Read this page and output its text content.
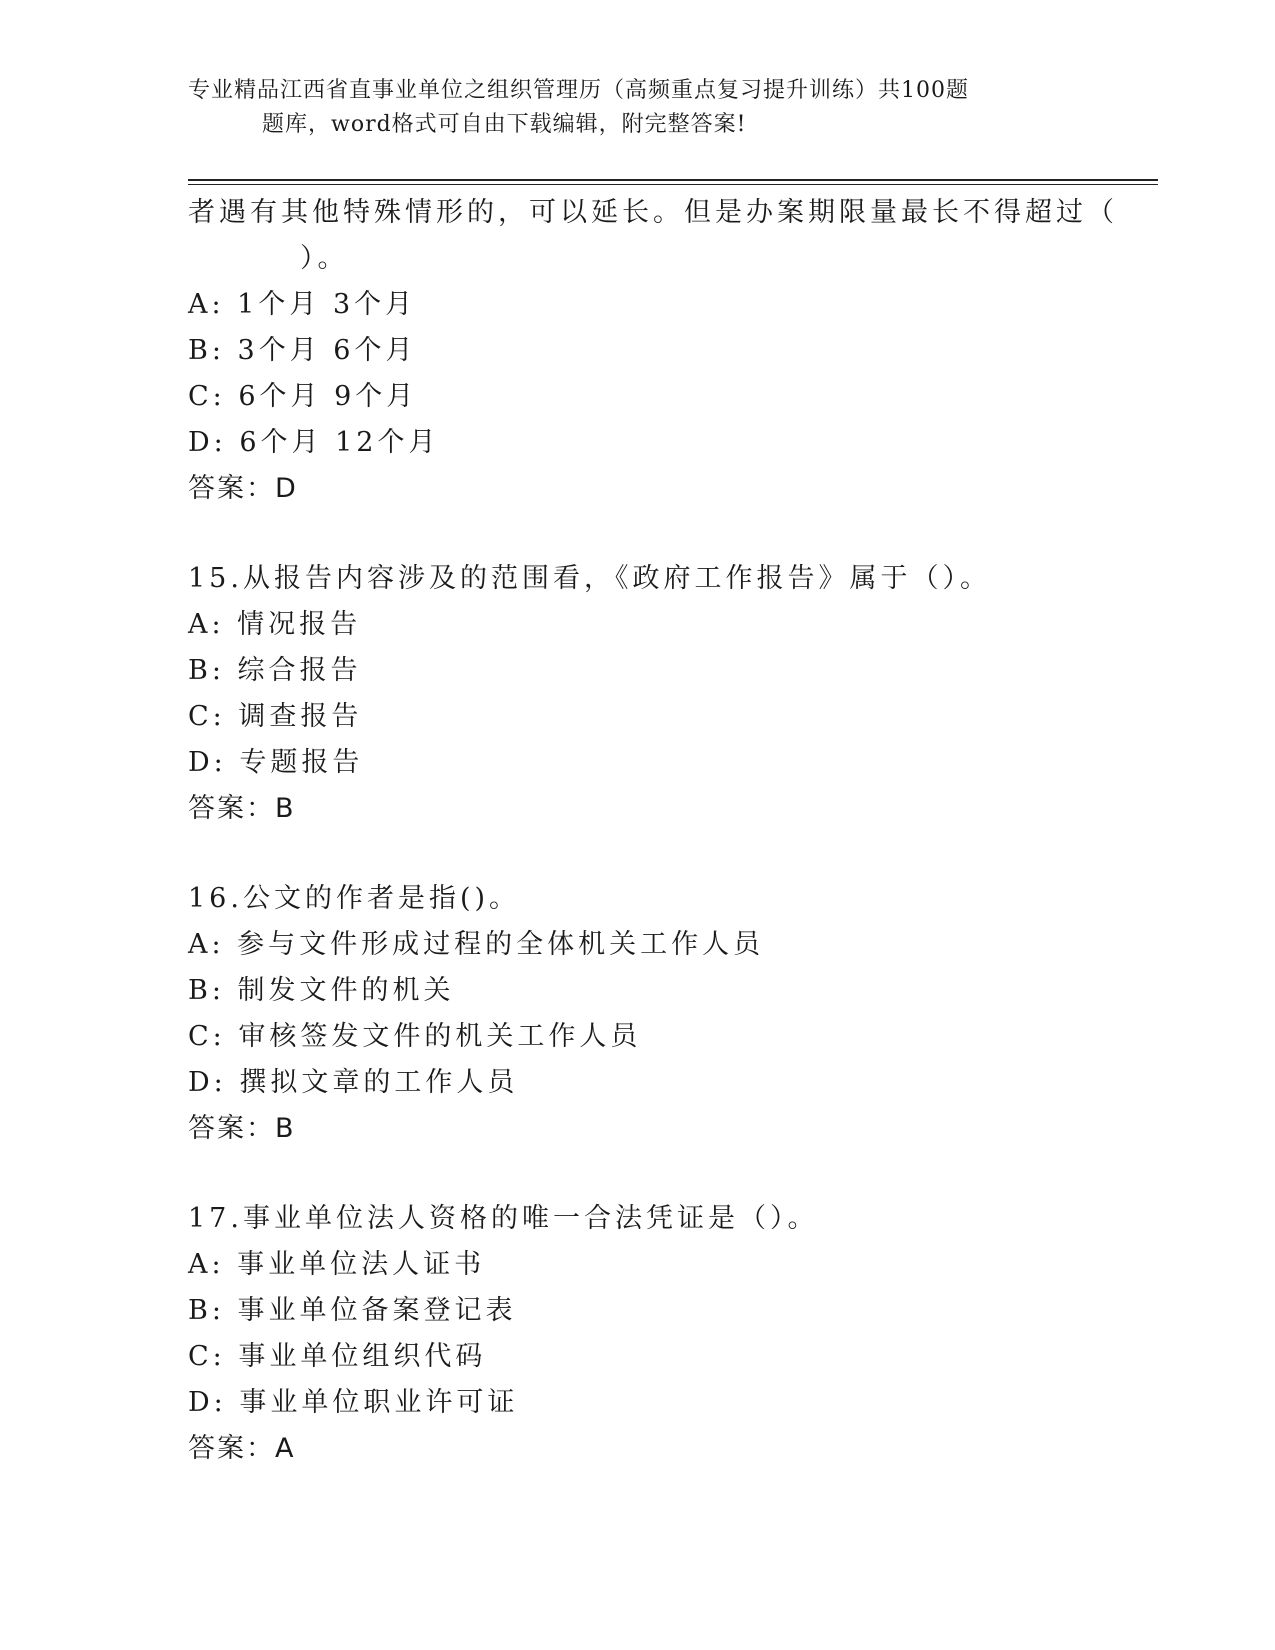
专业精品江西省直事业单位之组织管理历（高频重点复习提升训练）共100题
题库，word格式可自由下载编辑，附完整答案!
者遇有其他特殊情形的，可以延长。但是办案期限量最长不得超过（
）。
A: 1个月 3个月
B: 3个月 6个月
C: 6个月 9个月
D: 6个月 12个月
答案：D
15.从报告内容涉及的范围看，《政府工作报告》属于（）。
A: 情况报告
B: 综合报告
C: 调查报告
D: 专题报告
答案：B
16.公文的作者是指()。
A: 参与文件形成过程的全体机关工作人员
B: 制发文件的机关
C: 审核签发文件的机关工作人员
D: 撰拟文章的工作人员
答案：B
17.事业单位法人资格的唯一合法凭证是（）。
A: 事业单位法人证书
B: 事业单位备案登记表
C: 事业单位组织代码
D: 事业单位职业许可证
答案：A
